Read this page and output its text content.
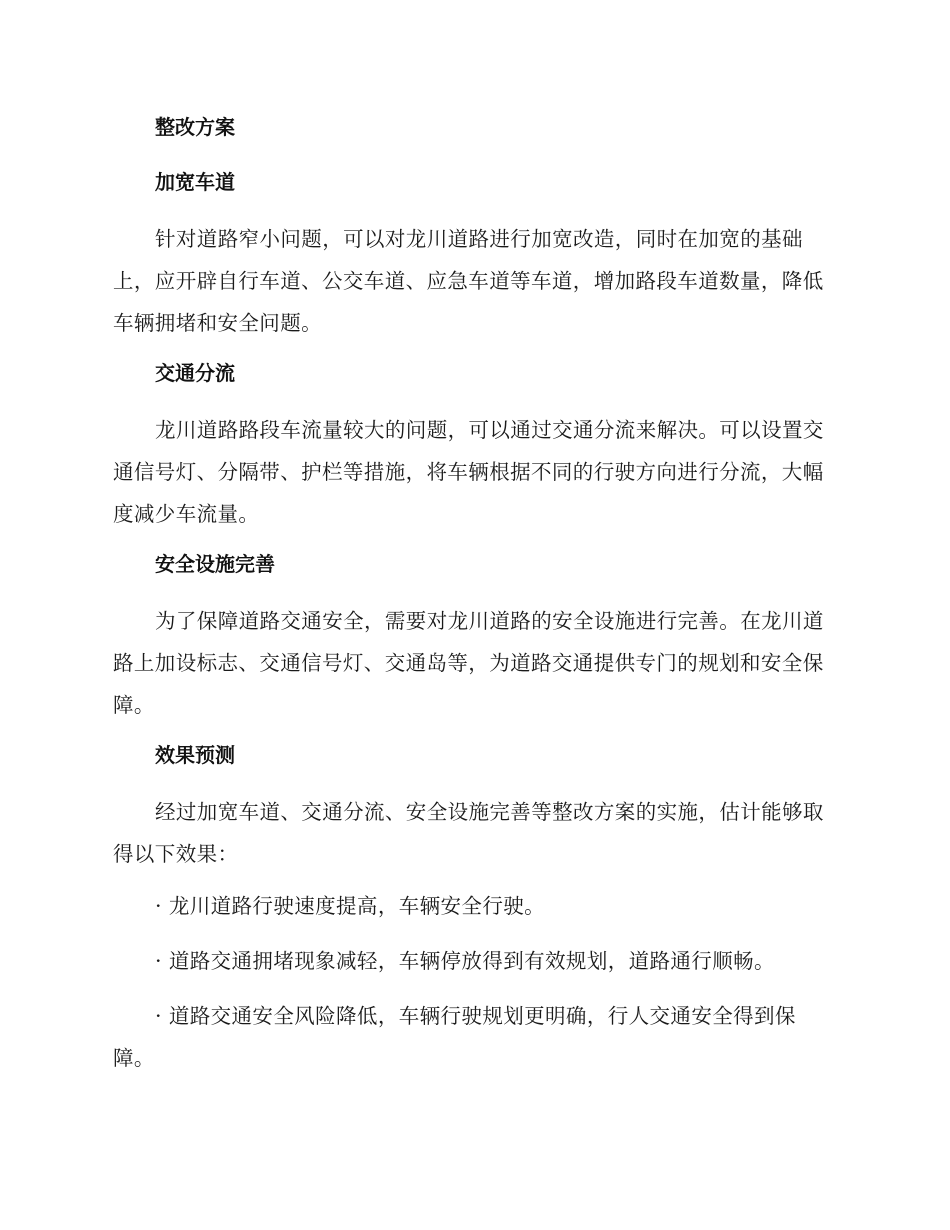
整改方案
加宽车道

针对道路窄小问题，可以对龙川道路进行加宽改造，同时在加宽的基础上，应开辟自行车道、公交车道、应急车道等车道，增加路段车道数量，降低车辆拥堵和安全问题。

交通分流

龙川道路路段车流量较大的问题，可以通过交通分流来解决。可以设置交通信号灯、分隔带、护栏等措施，将车辆根据不同的行驶方向进行分流，大幅度减少车流量。

安全设施完善

为了保障道路交通安全，需要对龙川道路的安全设施进行完善。在龙川道路上加设标志、交通信号灯、交通岛等，为道路交通提供专门的规划和安全保障。

效果预测

经过加宽车道、交通分流、安全设施完善等整改方案的实施，估计能够取得以下效果：

· 龙川道路行驶速度提高，车辆安全行驶。

· 道路交通拥堵现象减轻，车辆停放得到有效规划，道路通行顺畅。

· 道路交通安全风险降低，车辆行驶规划更明确，行人交通安全得到保障。
